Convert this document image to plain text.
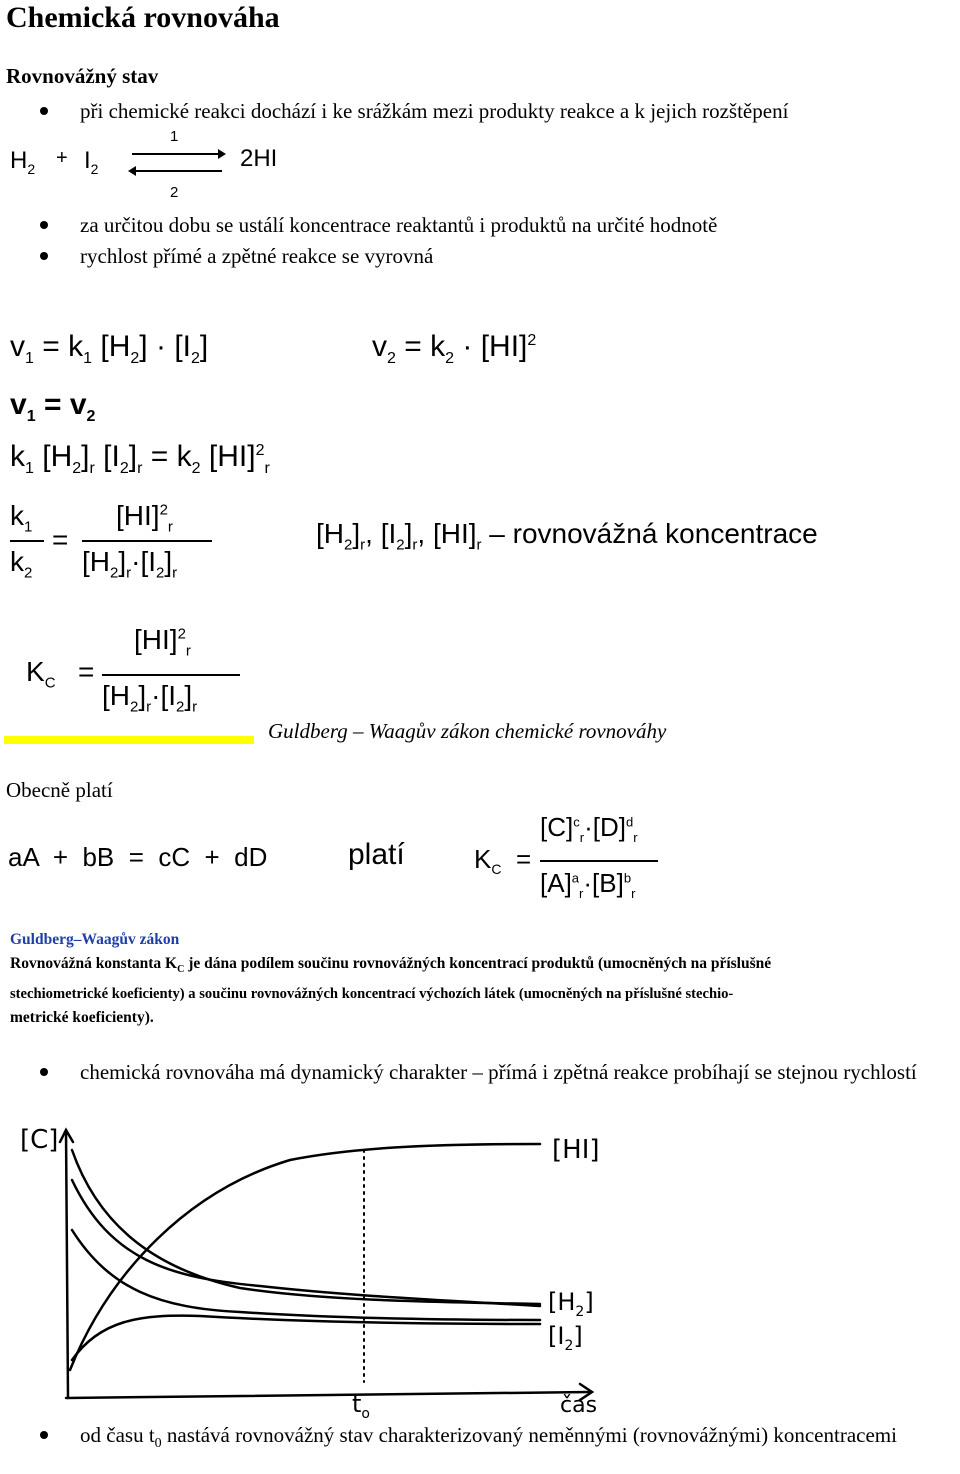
Chemická rovnováha
Rovnovážný stav
při chemické reakci dochází i ke srážkám mezi produkty reakce a k jejich rozštěpení
$H_2 + I_2$
1
2
2HI
za určitou dobu se ustálí koncentrace reaktantů i produktů na určité hodnotě
rychlost přímé a zpětné reakce se vyrovná
$v_1 = k_1$ $[H_2] \cdot [I_2]$	$v_2 = k_2 \cdot [HI]^2$
$v_1 = v_2$
$k_1$ $[H_2]_r$ $[I_2]_r = k_2$ [HI]$^2_r$
$k_1$
$k_2$
=
[HI]$^2_r$
$[H_2]_r\cdot[I_2]_r$
$[H_2]_r$, $[I_2]_r$, $[HI]_r$ – rovnovážná koncentrace
$K_C$ =
[HI]$^2_r$
$[H_2]_r\cdot[I_2]_r$
Guldberg – Waagův zákon chemické rovnováhy
Obecně platí
aA  +  bB  =  cC  +  dD	platí	$K_C$ =
$[C]^c_r\cdot[D]^d_r$
$[A]^a_r\cdot[B]^b_r$
Guldberg–Waagův zákon
Rovnovážná konstanta $K_C$ je dána podílem součinu rovnovážných koncentrací produktů (umocněných na příslušné
stechiometrické koeficienty) a součinu rovnovážných koncentrací výchozích látek (umocněných na příslušné stechio-
metrické koeficienty).
chemická rovnováha má dynamický charakter – přímá i zpětná reakce probíhají se stejnou rychlostí
[C]	[HI]
$[H_2]$
$[I_2]$
$t_o$	čas
od času $t_0$ nastává rovnovážný stav charakterizovaný neměnnými (rovnovážnými) koncentracemi
